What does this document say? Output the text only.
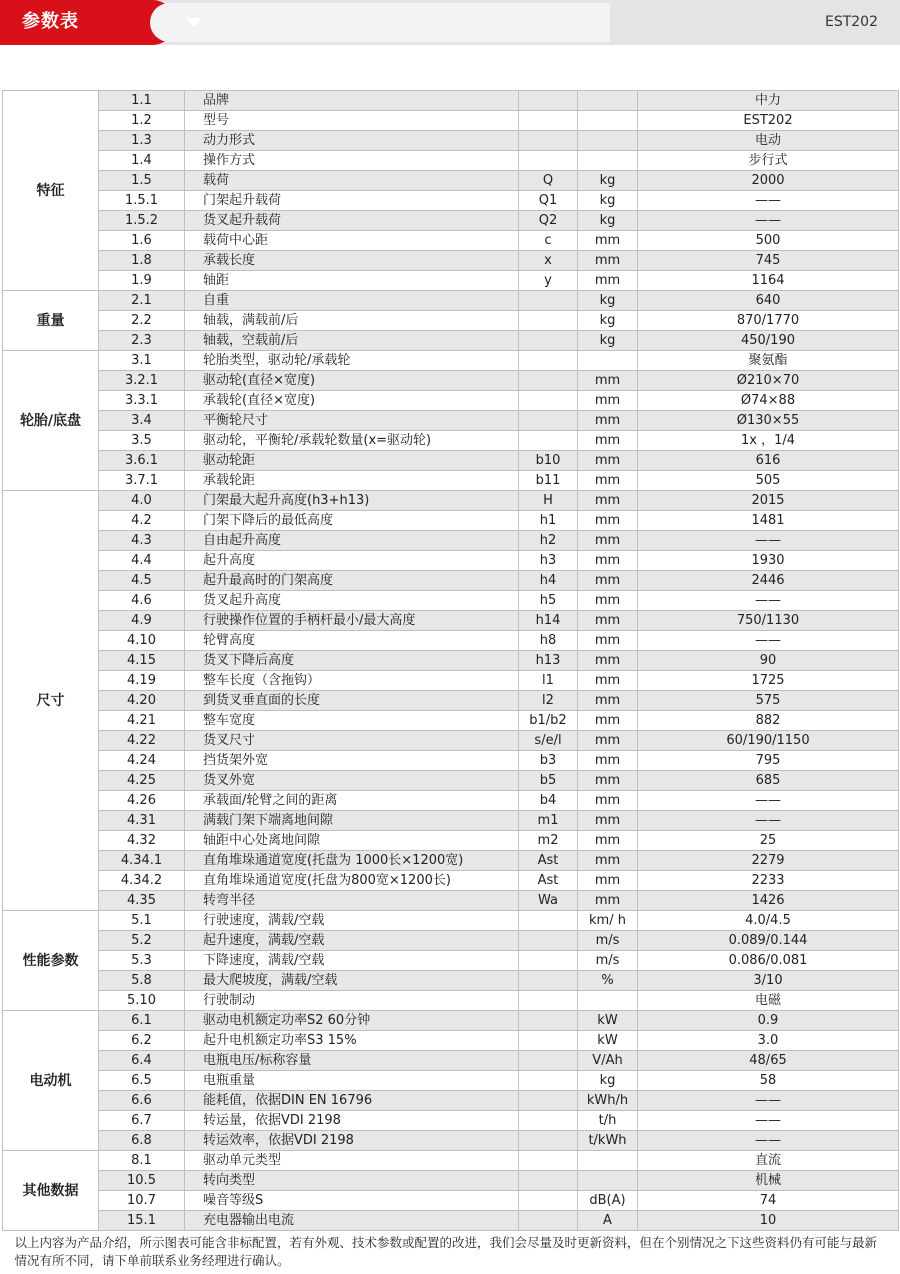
参数表	EST202
特征	1.1	品牌			中力
	1.2	型号			EST202
	1.3	动力形式			电动
	1.4	操作方式			步行式
	1.5	载荷	Q	kg	2000
	1.5.1	门架起升载荷	Q1	kg	——
	1.5.2	货叉起升载荷	Q2	kg	——
	1.6	载荷中心距	c	mm	500
	1.8	承载长度	x	mm	745
	1.9	轴距	y	mm	1164
重量	2.1	自重		kg	640
	2.2	轴载，满载前/后		kg	870/1770
	2.3	轴载，空载前/后		kg	450/190
轮胎/底盘	3.1	轮胎类型，驱动轮/承载轮			聚氨酯
	3.2.1	驱动轮(直径×宽度)		mm	Ø210×70
	3.3.1	承载轮(直径×宽度)		mm	Ø74×88
	3.4	平衡轮尺寸		mm	Ø130×55
	3.5	驱动轮，平衡轮/承载轮数量(x=驱动轮)		mm	1x ，1/4
	3.6.1	驱动轮距	b10	mm	616
	3.7.1	承载轮距	b11	mm	505
尺寸	4.0	门架最大起升高度(h3+h13)	H	mm	2015
	4.2	门架下降后的最低高度	h1	mm	1481
	4.3	自由起升高度	h2	mm	——
	4.4	起升高度	h3	mm	1930
	4.5	起升最高时的门架高度	h4	mm	2446
	4.6	货叉起升高度	h5	mm	——
	4.9	行驶操作位置的手柄杆最小/最大高度	h14	mm	750/1130
	4.10	轮臂高度	h8	mm	——
	4.15	货叉下降后高度	h13	mm	90
	4.19	整车长度（含拖钩）	l1	mm	1725
	4.20	到货叉垂直面的长度	l2	mm	575
	4.21	整车宽度	b1/b2	mm	882
	4.22	货叉尺寸	s/e/l	mm	60/190/1150
	4.24	挡货架外宽	b3	mm	795
	4.25	货叉外宽	b5	mm	685
	4.26	承载面/轮臂之间的距离	b4	mm	——
	4.31	满载门架下端离地间隙	m1	mm	——
	4.32	轴距中心处离地间隙	m2	mm	25
	4.34.1	直角堆垛通道宽度(托盘为 1000长×1200宽)	Ast	mm	2279
	4.34.2	直角堆垛通道宽度(托盘为800宽×1200长)	Ast	mm	2233
	4.35	转弯半径	Wa	mm	1426
性能参数	5.1	行驶速度，满载/空载		km/ h	4.0/4.5
	5.2	起升速度，满载/空载		m/s	0.089/0.144
	5.3	下降速度，满载/空载		m/s	0.086/0.081
	5.8	最大爬坡度，满载/空载		%	3/10
	5.10	行驶制动			电磁
电动机	6.1	驱动电机额定功率S2 60分钟		kW	0.9
	6.2	起升电机额定功率S3 15%		kW	3.0
	6.4	电瓶电压/标称容量		V/Ah	48/65
	6.5	电瓶重量		kg	58
	6.6	能耗值，依据DIN EN 16796		kWh/h	——
	6.7	转运量，依据VDI 2198		t/h	——
	6.8	转运效率，依据VDI 2198		t/kWh	——
其他数据	8.1	驱动单元类型			直流
	10.5	转向类型			机械
	10.7	噪音等级S		dB(A)	74
	15.1	充电器输出电流		A	10
以上内容为产品介绍，所示图表可能含非标配置，若有外观、技术参数或配置的改进，我们会尽量及时更新资料，但在个别情况之下这些资料仍有可能与最新情况有所不同，请下单前联系业务经理进行确认。					
